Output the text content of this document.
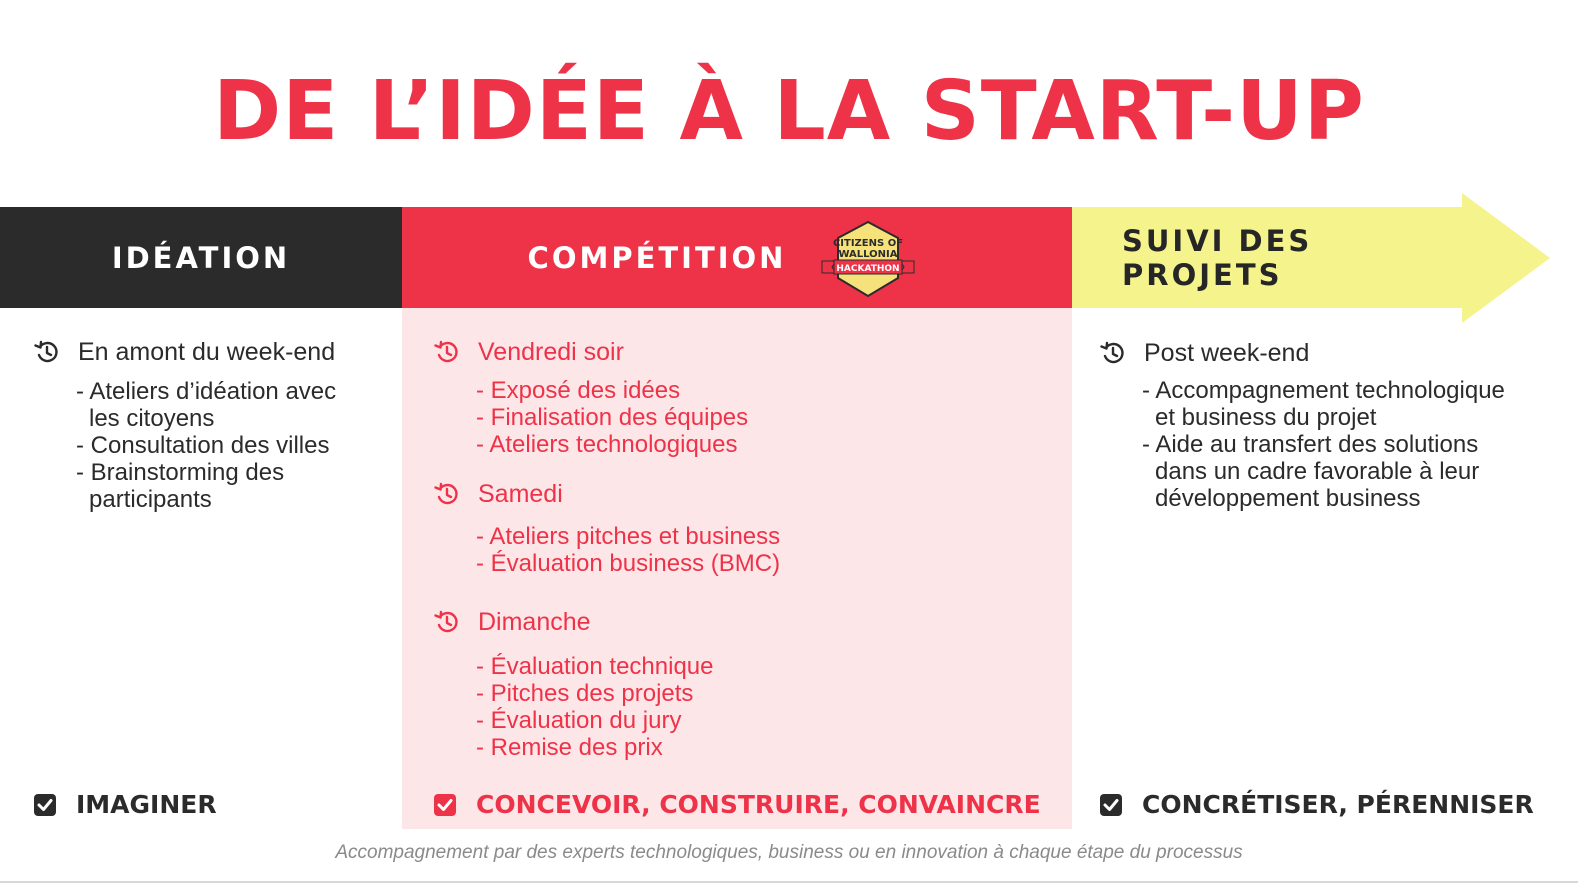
DE L’IDÉE À LA START-UP
IDÉATION	COMPÉTITION	SUIVI DES PROJETS
CITIZENS OF
WALLONIA
HACKATHON
En amont du week-end
- Ateliers d’idéation avec les citoyens
- Consultation des villes
- Brainstorming des participants
Vendredi soir
- Exposé des idées
- Finalisation des équipes
- Ateliers technologiques
Samedi
- Ateliers pitches et business
- Évaluation business (BMC)
Dimanche
- Évaluation technique
- Pitches des projets
- Évaluation du jury
- Remise des prix
Post week-end
- Accompagnement technologique et business du projet
- Aide au transfert des solutions dans un cadre favorable à leur développement business
IMAGINER	CONCEVOIR, CONSTRUIRE, CONVAINCRE	CONCRÉTISER, PÉRENNISER
Accompagnement par des experts technologiques, business ou en innovation à chaque étape du processus
